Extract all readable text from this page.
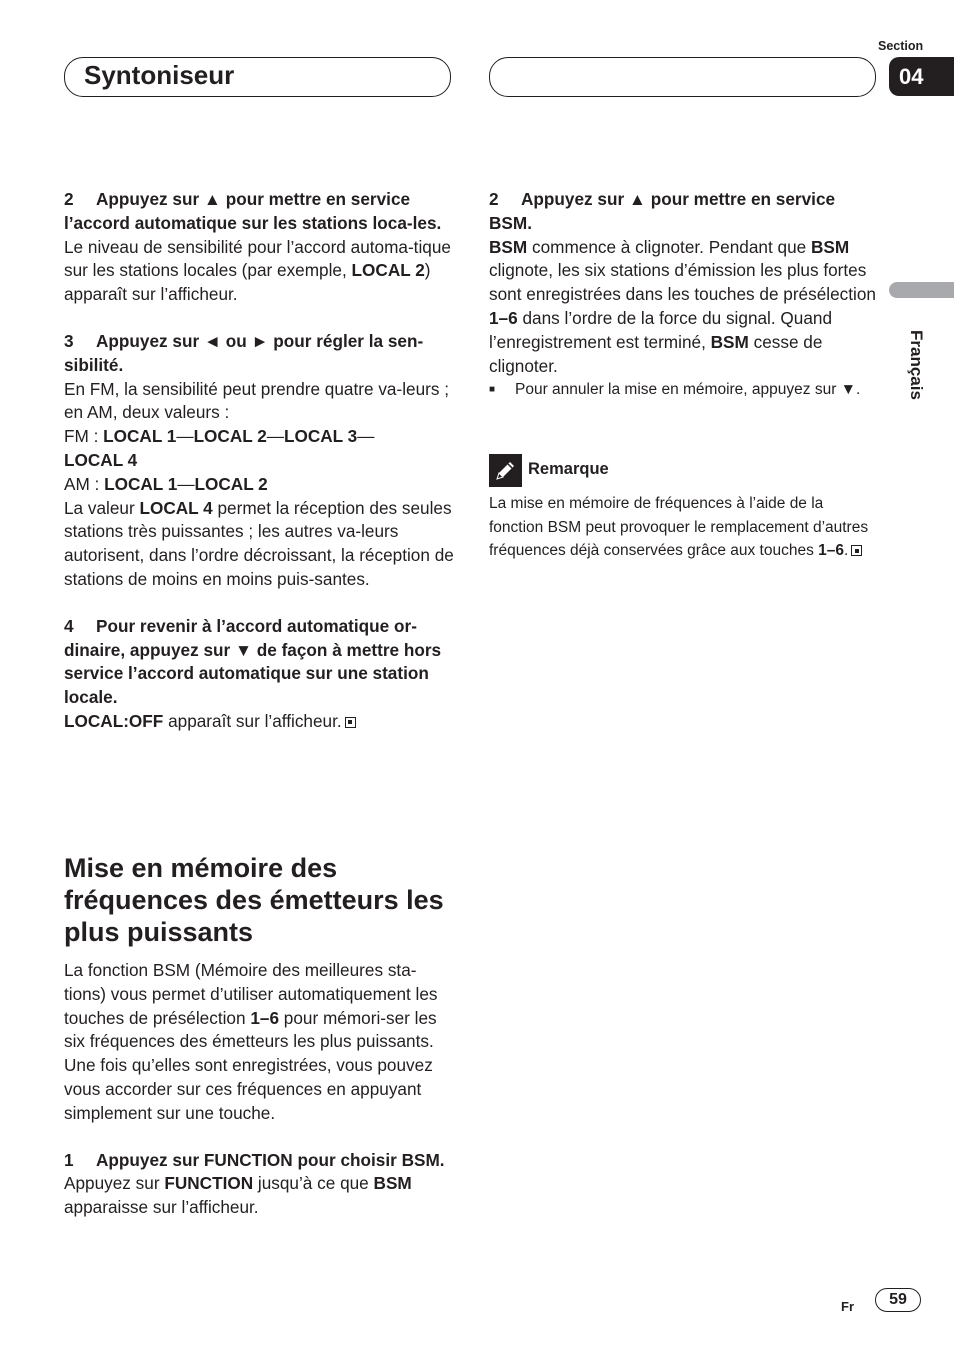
Syntoniseur
Section
04
Français
2 Appuyez sur ▲ pour mettre en service l’accord automatique sur les stations loca-les.
Le niveau de sensibilité pour l’accord automa-tique sur les stations locales (par exemple, LOCAL 2) apparaît sur l’afficheur.
3 Appuyez sur ◄ ou ► pour régler la sen-sibilité.
En FM, la sensibilité peut prendre quatre va-leurs ; en AM, deux valeurs :
FM : LOCAL 1—LOCAL 2—LOCAL 3—
LOCAL 4
AM : LOCAL 1—LOCAL 2
La valeur LOCAL 4 permet la réception des seules stations très puissantes ; les autres va-leurs autorisent, dans l’ordre décroissant, la réception de stations de moins en moins puis-santes.
4 Pour revenir à l’accord automatique or-dinaire, appuyez sur ▼ de façon à mettre hors service l’accord automatique sur une station locale.
LOCAL:OFF apparaît sur l’afficheur.
Mise en mémoire des fréquences des émetteurs les plus puissants
La fonction BSM (Mémoire des meilleures sta-tions) vous permet d’utiliser automatiquement les touches de présélection 1–6 pour mémori-ser les six fréquences des émetteurs les plus puissants. Une fois qu’elles sont enregistrées, vous pouvez vous accorder sur ces fréquences en appuyant simplement sur une touche.
1 Appuyez sur FUNCTION pour choisir BSM.
Appuyez sur FUNCTION jusqu’à ce que BSM apparaisse sur l’afficheur.
2 Appuyez sur ▲ pour mettre en service BSM.
BSM commence à clignoter. Pendant que BSM clignote, les six stations d’émission les plus fortes sont enregistrées dans les touches de présélection 1–6 dans l’ordre de la force du signal. Quand l’enregistrement est terminé, BSM cesse de clignoter.
■ Pour annuler la mise en mémoire, appuyez sur ▼.
Remarque
La mise en mémoire de fréquences à l’aide de la fonction BSM peut provoquer le remplacement d’autres fréquences déjà conservées grâce aux touches 1–6.
Fr	59
